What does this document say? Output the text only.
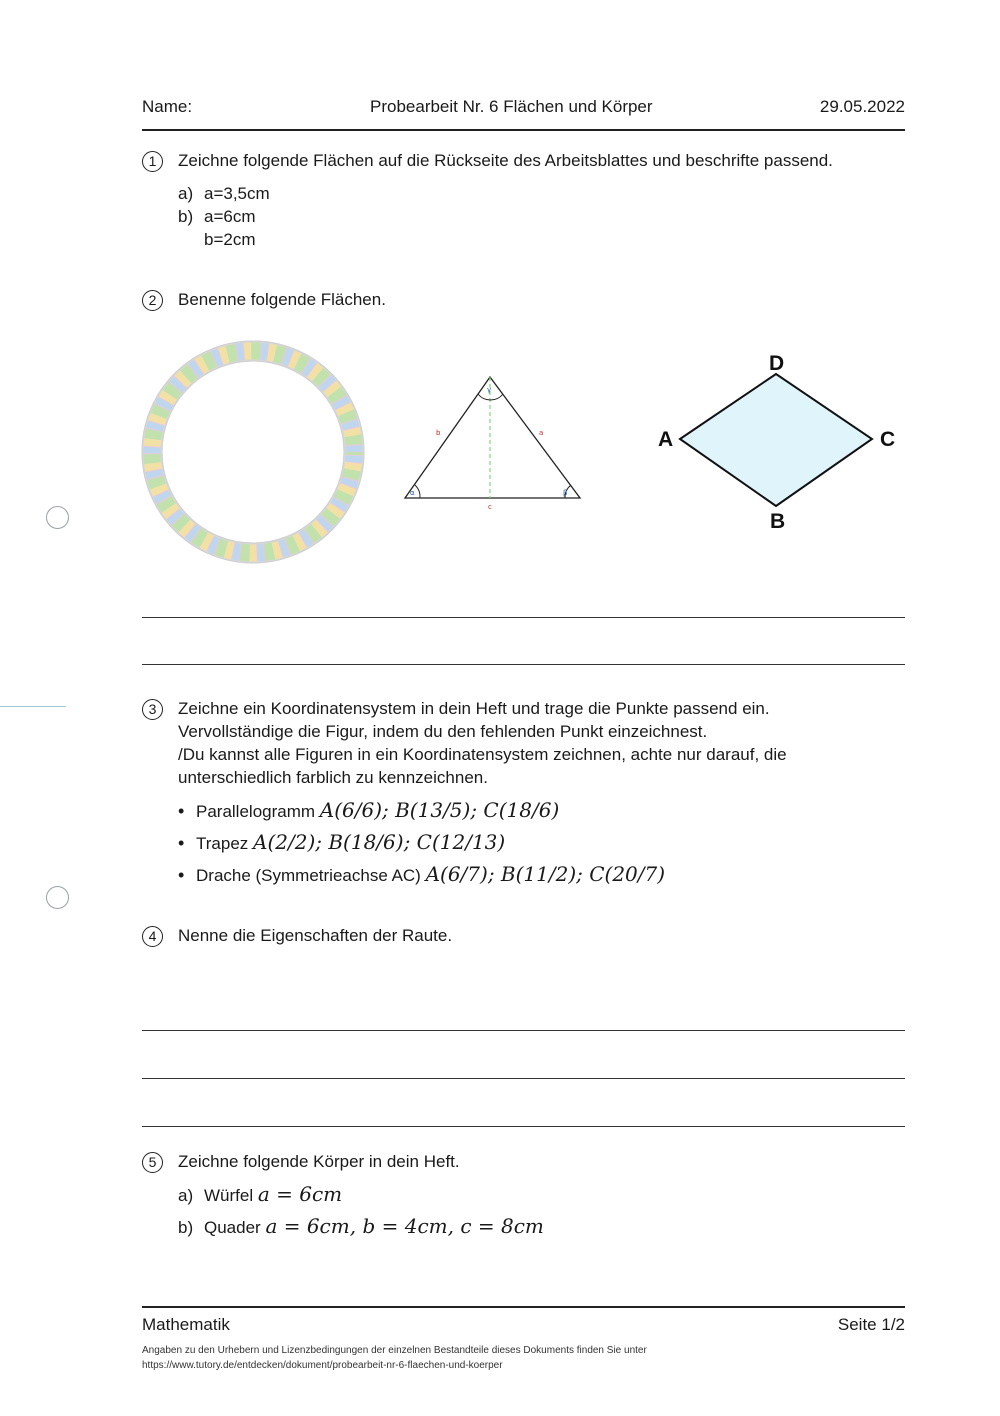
Name:	Probearbeit Nr. 6 Flächen und Körper	29.05.2022
1	Zeichne folgende Flächen auf die Rückseite des Arbeitsblattes und beschrifte passend.
a) a=3,5cm
b) a=6cm
b=2cm
2	Benenne folgende Flächen.
γ
α	β
a
b
c
D
A	C
B
3	Zeichne ein Koordinatensystem in dein Heft und trage die Punkte passend ein.
Vervollständige die Figur, indem du den fehlenden Punkt einzeichnest.
/Du kannst alle Figuren in ein Koordinatensystem zeichnen, achte nur darauf, die
unterschiedlich farblich zu kennzeichnen.
• Parallelogramm A(6/6); B(13/5); C(18/6)
• Trapez A(2/2); B(18/6); C(12/13)
• Drache (Symmetrieachse AC) A(6/7); B(11/2); C(20/7)
4	Nenne die Eigenschaften der Raute.
5	Zeichne folgende Körper in dein Heft.
a) Würfel a = 6cm
b) Quader a = 6cm, b = 4cm, c = 8cm
Mathematik	Seite 1/2
Angaben zu den Urhebern und Lizenzbedingungen der einzelnen Bestandteile dieses Dokuments finden Sie unter
https://www.tutory.de/entdecken/dokument/probearbeit-nr-6-flaechen-und-koerper
